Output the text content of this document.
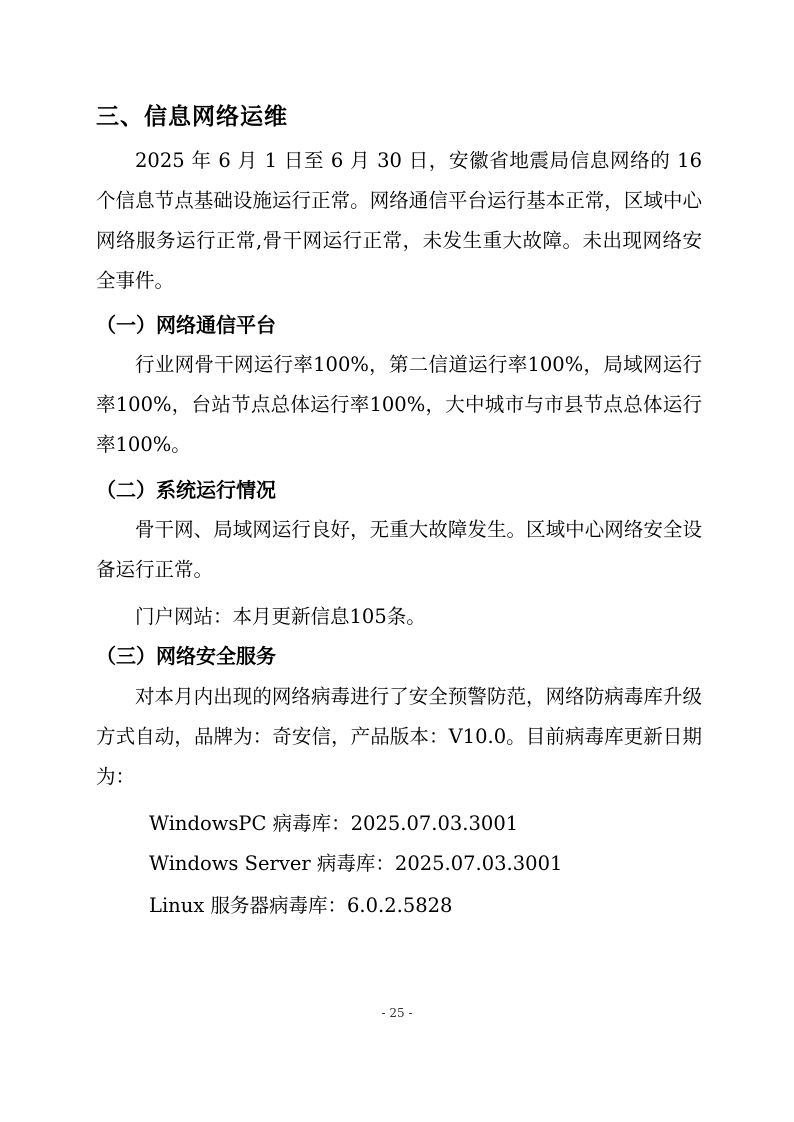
三、信息网络运维

2025 年 6 月 1 日至 6 月 30 日，安徽省地震局信息网络的 16 个信息节点基础设施运行正常。网络通信平台运行基本正常，区域中心网络服务运行正常,骨干网运行正常，未发生重大故障。未出现网络安全事件。

（一）网络通信平台

行业网骨干网运行率100%，第二信道运行率100%，局域网运行率100%，台站节点总体运行率100%，大中城市与市县节点总体运行率100%。

（二）系统运行情况

骨干网、局域网运行良好，无重大故障发生。区域中心网络安全设备运行正常。

门户网站：本月更新信息105条。

（三）网络安全服务

对本月内出现的网络病毒进行了安全预警防范，网络防病毒库升级方式自动，品牌为：奇安信，产品版本：V10.0。目前病毒库更新日期为：

WindowsPC 病毒库：2025.07.03.3001
Windows Server 病毒库：2025.07.03.3001
Linux 服务器病毒库：6.0.2.5828
- 25 -
